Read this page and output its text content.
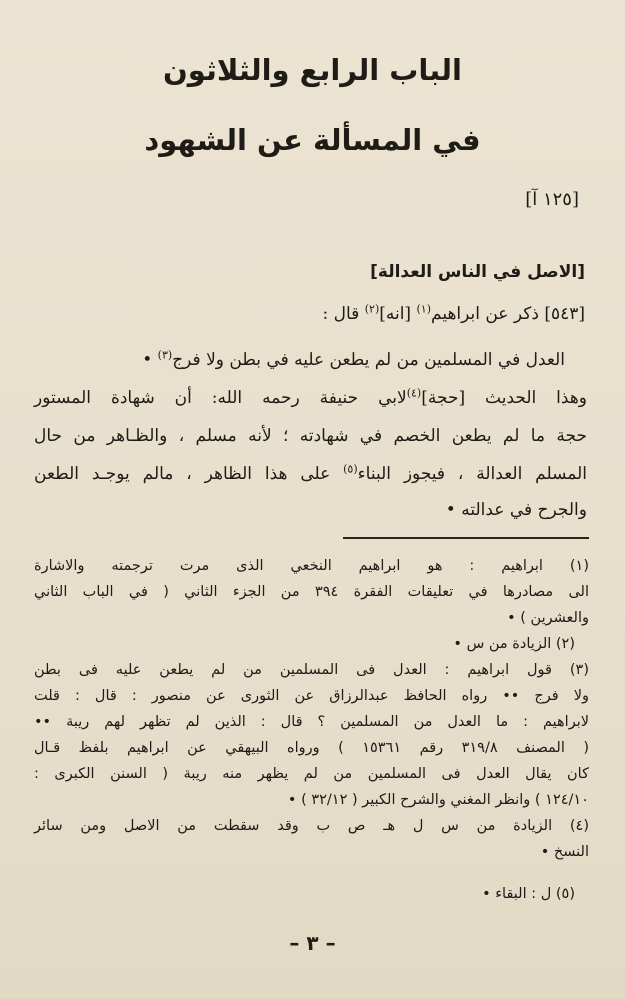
الباب الرابع والثلاثون
في المسألة عن الشهود
[١٢٥ آ]
[الاصل في الناس العدالة]
[٥٤٣] ذكر عن ابراهيم$^{(١)}$ [انه]$^{(٢)}$ قال :
العدل في المسلمين من لم يطعن عليه في بطن ولا فرج$^{(٣)}$ •
وهذا الحديث [حجة]$^{(٤)}$لابي حنيفة رحمه الله: أن شهادة المستور
حجة ما لم يطعن الخصم في شهادته ؛ لأنه مسلم ، والظـاهر من حال
المسلم العدالة ، فيجوز البناء$^{(٥)}$ على هذا الظاهر ، مالم يوجـد الطعن
والجرح في عدالته •
(١) ابراهيم : هو ابراهيم النخعي الذى مرت ترجمته والاشارة
الى مصادرها في تعليقات الفقرة ٣٩٤ من الجزء الثاني ( في الباب الثاني
والعشرين ) •
(٢) الزيادة من س •
(٣) قول ابراهيم : العدل فى المسلمين من لم يطعن عليه فى بطن
ولا فرج •• رواه الحافظ عبدالرزاق عن الثورى عن منصور : قال : قلت
لابراهيم : ما العدل من المسلمين ؟ قال : الذين لم تظهر لهم ريبة ••
( المصنف ٣١٩/٨ رقم ١٥٣٦١ ) ورواه البيهقي عن ابراهيم بلفظ قـال
كان يقال العدل فى المسلمين من لم يظهر منه ريبة ( السنن الكبرى :
١٢٤/١٠ ) وانظر المغني والشرح الكبير ( ٣٢/١٢ ) •
(٤) الزيادة من س ل هـ ص ب وقد سقطت من الاصل ومن سائر
النسخ •
(٥) ل : البقاء •
– ٣ –
